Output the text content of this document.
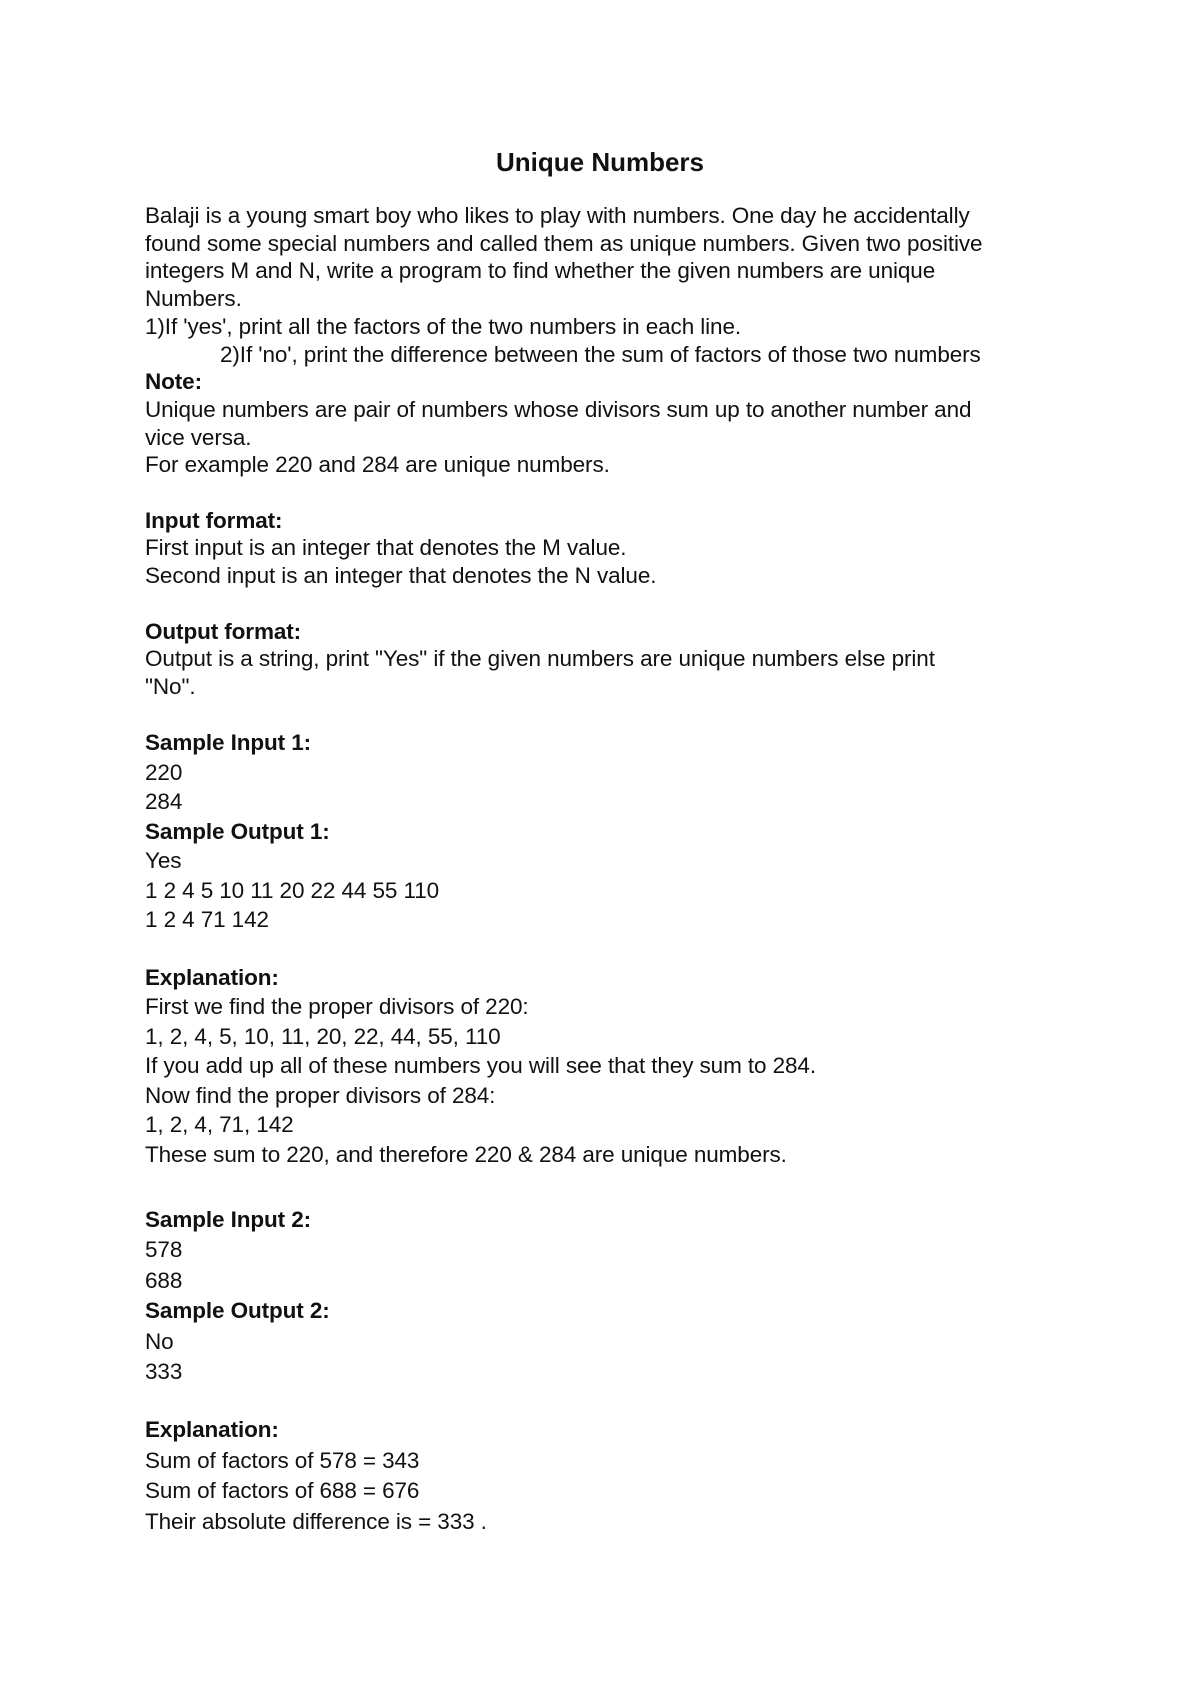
Unique Numbers
Balaji is a young smart boy who likes to play with numbers. One day he accidentally
found some special numbers and called them as unique numbers. Given two positive
integers M and N, write a program to find whether the given numbers are unique
Numbers.
1)If 'yes', print all the factors of the two numbers in each line.
2)If 'no', print the difference between the sum of factors of those two numbers
Note:
Unique numbers are pair of numbers whose divisors sum up to another number and
vice versa.
For example 220 and 284 are unique numbers.
Input format:
First input is an integer that denotes the M value.
Second input is an integer that denotes the N value.
Output format:
Output is a string, print "Yes" if the given numbers are unique numbers else print
"No".
Sample Input 1:
220
284
Sample Output 1:
Yes
1 2 4 5 10 11 20 22 44 55 110
1 2 4 71 142
Explanation:
First we find the proper divisors of 220:
1, 2, 4, 5, 10, 11, 20, 22, 44, 55, 110
If you add up all of these numbers you will see that they sum to 284.
Now find the proper divisors of 284:
1, 2, 4, 71, 142
These sum to 220, and therefore 220 & 284 are unique numbers.
Sample Input 2:
578
688
Sample Output 2:
No
333
Explanation:
Sum of factors of 578 = 343
Sum of factors of 688 = 676
Their absolute difference is = 333 .
